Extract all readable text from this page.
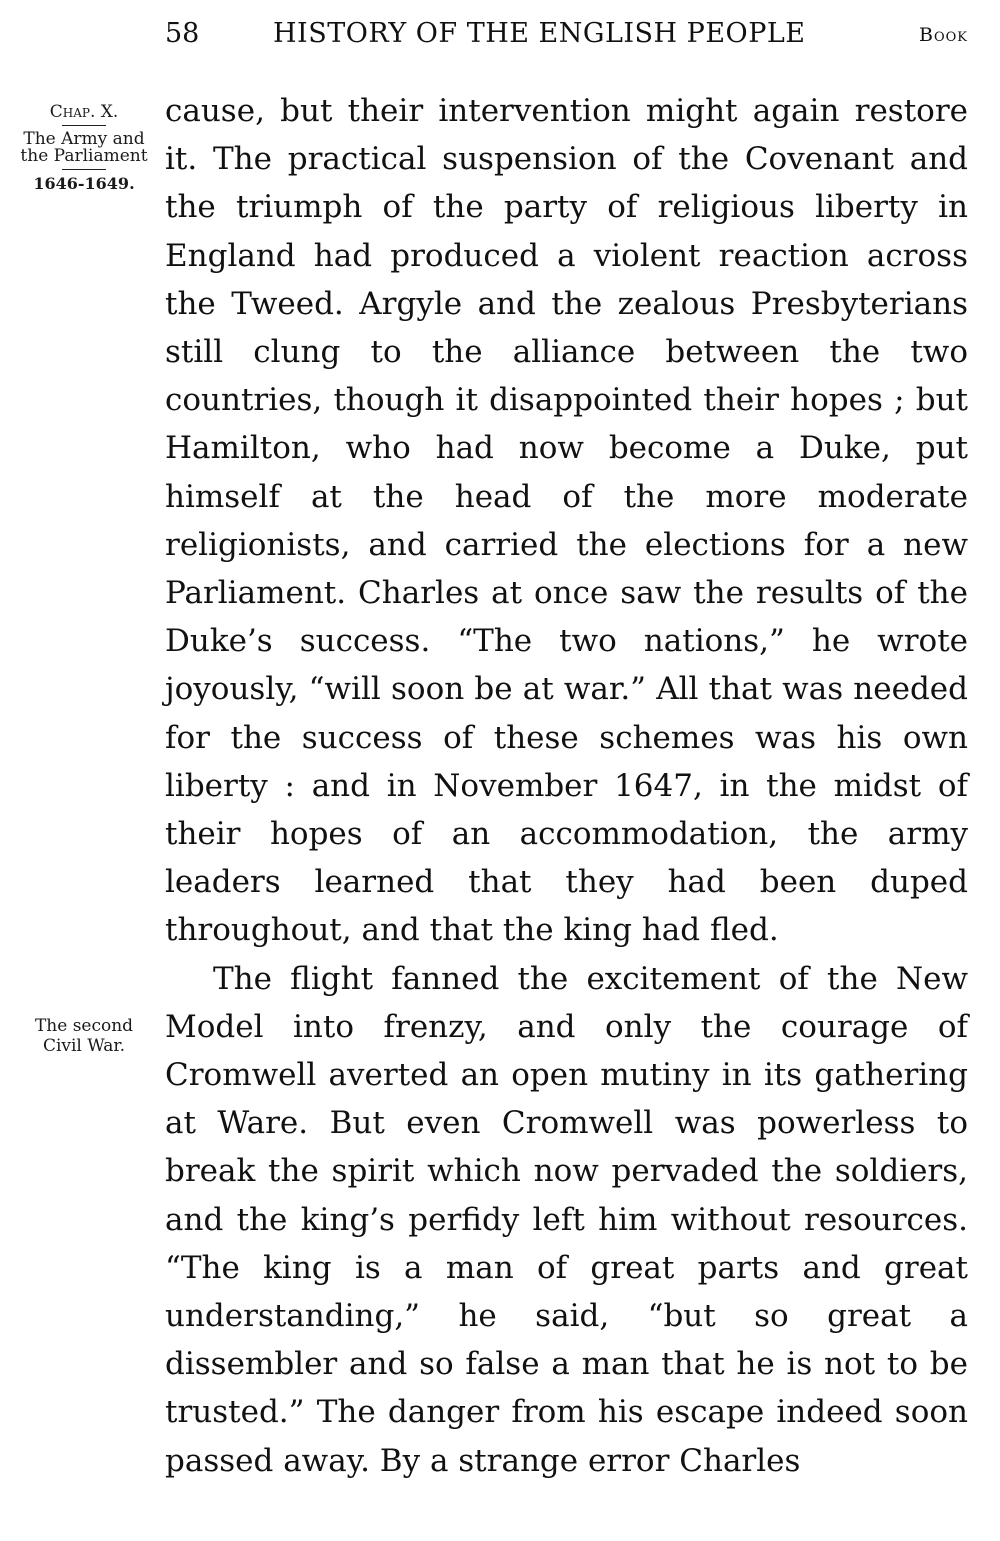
58	HISTORY OF THE ENGLISH PEOPLE	Book
Chap. X.
The Army and the Parliament
1646-1649.
The second Civil War.

cause, but their intervention might again restore it. The practical suspension of the Covenant and the triumph of the party of religious liberty in England had produced a violent reaction across the Tweed. Argyle and the zealous Presbyterians still clung to the alliance between the two countries, though it disappointed their hopes ; but Hamilton, who had now become a Duke, put himself at the head of the more moderate religionists, and carried the elections for a new Parliament. Charles at once saw the results of the Duke’s success. “The two nations,” he wrote joyously, “will soon be at war.” All that was needed for the success of these schemes was his own liberty : and in November 1647, in the midst of their hopes of an accommodation, the army leaders learned that they had been duped throughout, and that the king had fled.

The flight fanned the excitement of the New Model into frenzy, and only the courage of Cromwell averted an open mutiny in its gathering at Ware. But even Cromwell was powerless to break the spirit which now pervaded the soldiers, and the king’s perfidy left him without resources. “The king is a man of great parts and great understanding,” he said, “but so great a dissembler and so false a man that he is not to be trusted.” The danger from his escape indeed soon passed away. By a strange error Charles
